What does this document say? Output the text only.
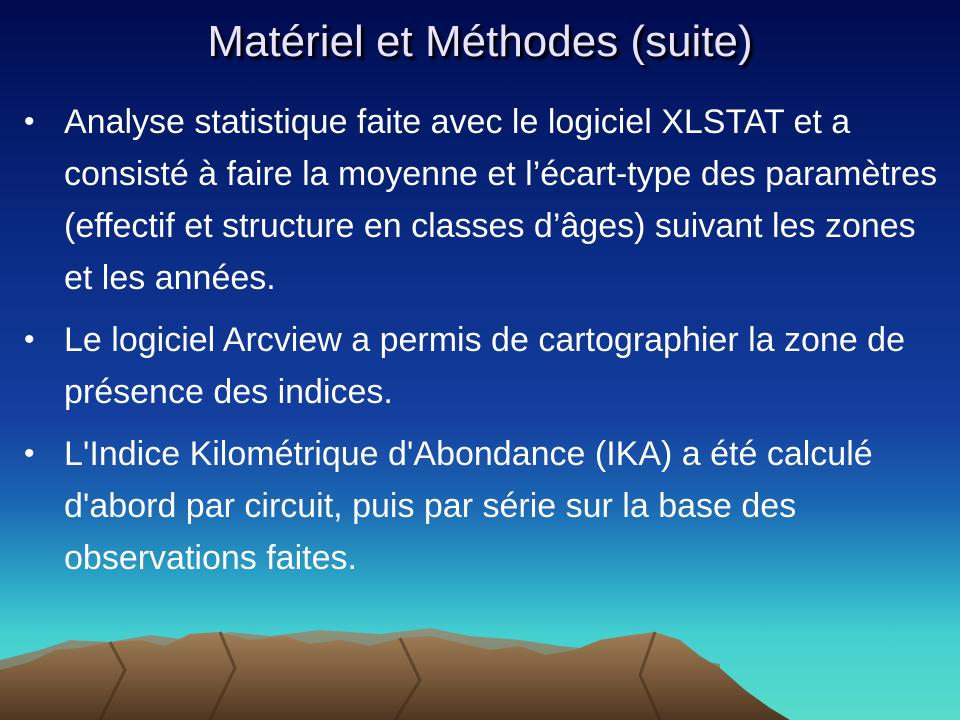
Matériel et Méthodes (suite)
• Analyse statistique faite avec le logiciel XLSTAT et a consisté à faire la moyenne et l’écart-type des paramètres (effectif et structure en classes d’âges) suivant les zones et les années.
• Le logiciel Arcview a permis de cartographier la zone de présence des indices.
• L'Indice Kilométrique d'Abondance (IKA) a été calculé d'abord par circuit, puis par série sur la base des observations faites.
